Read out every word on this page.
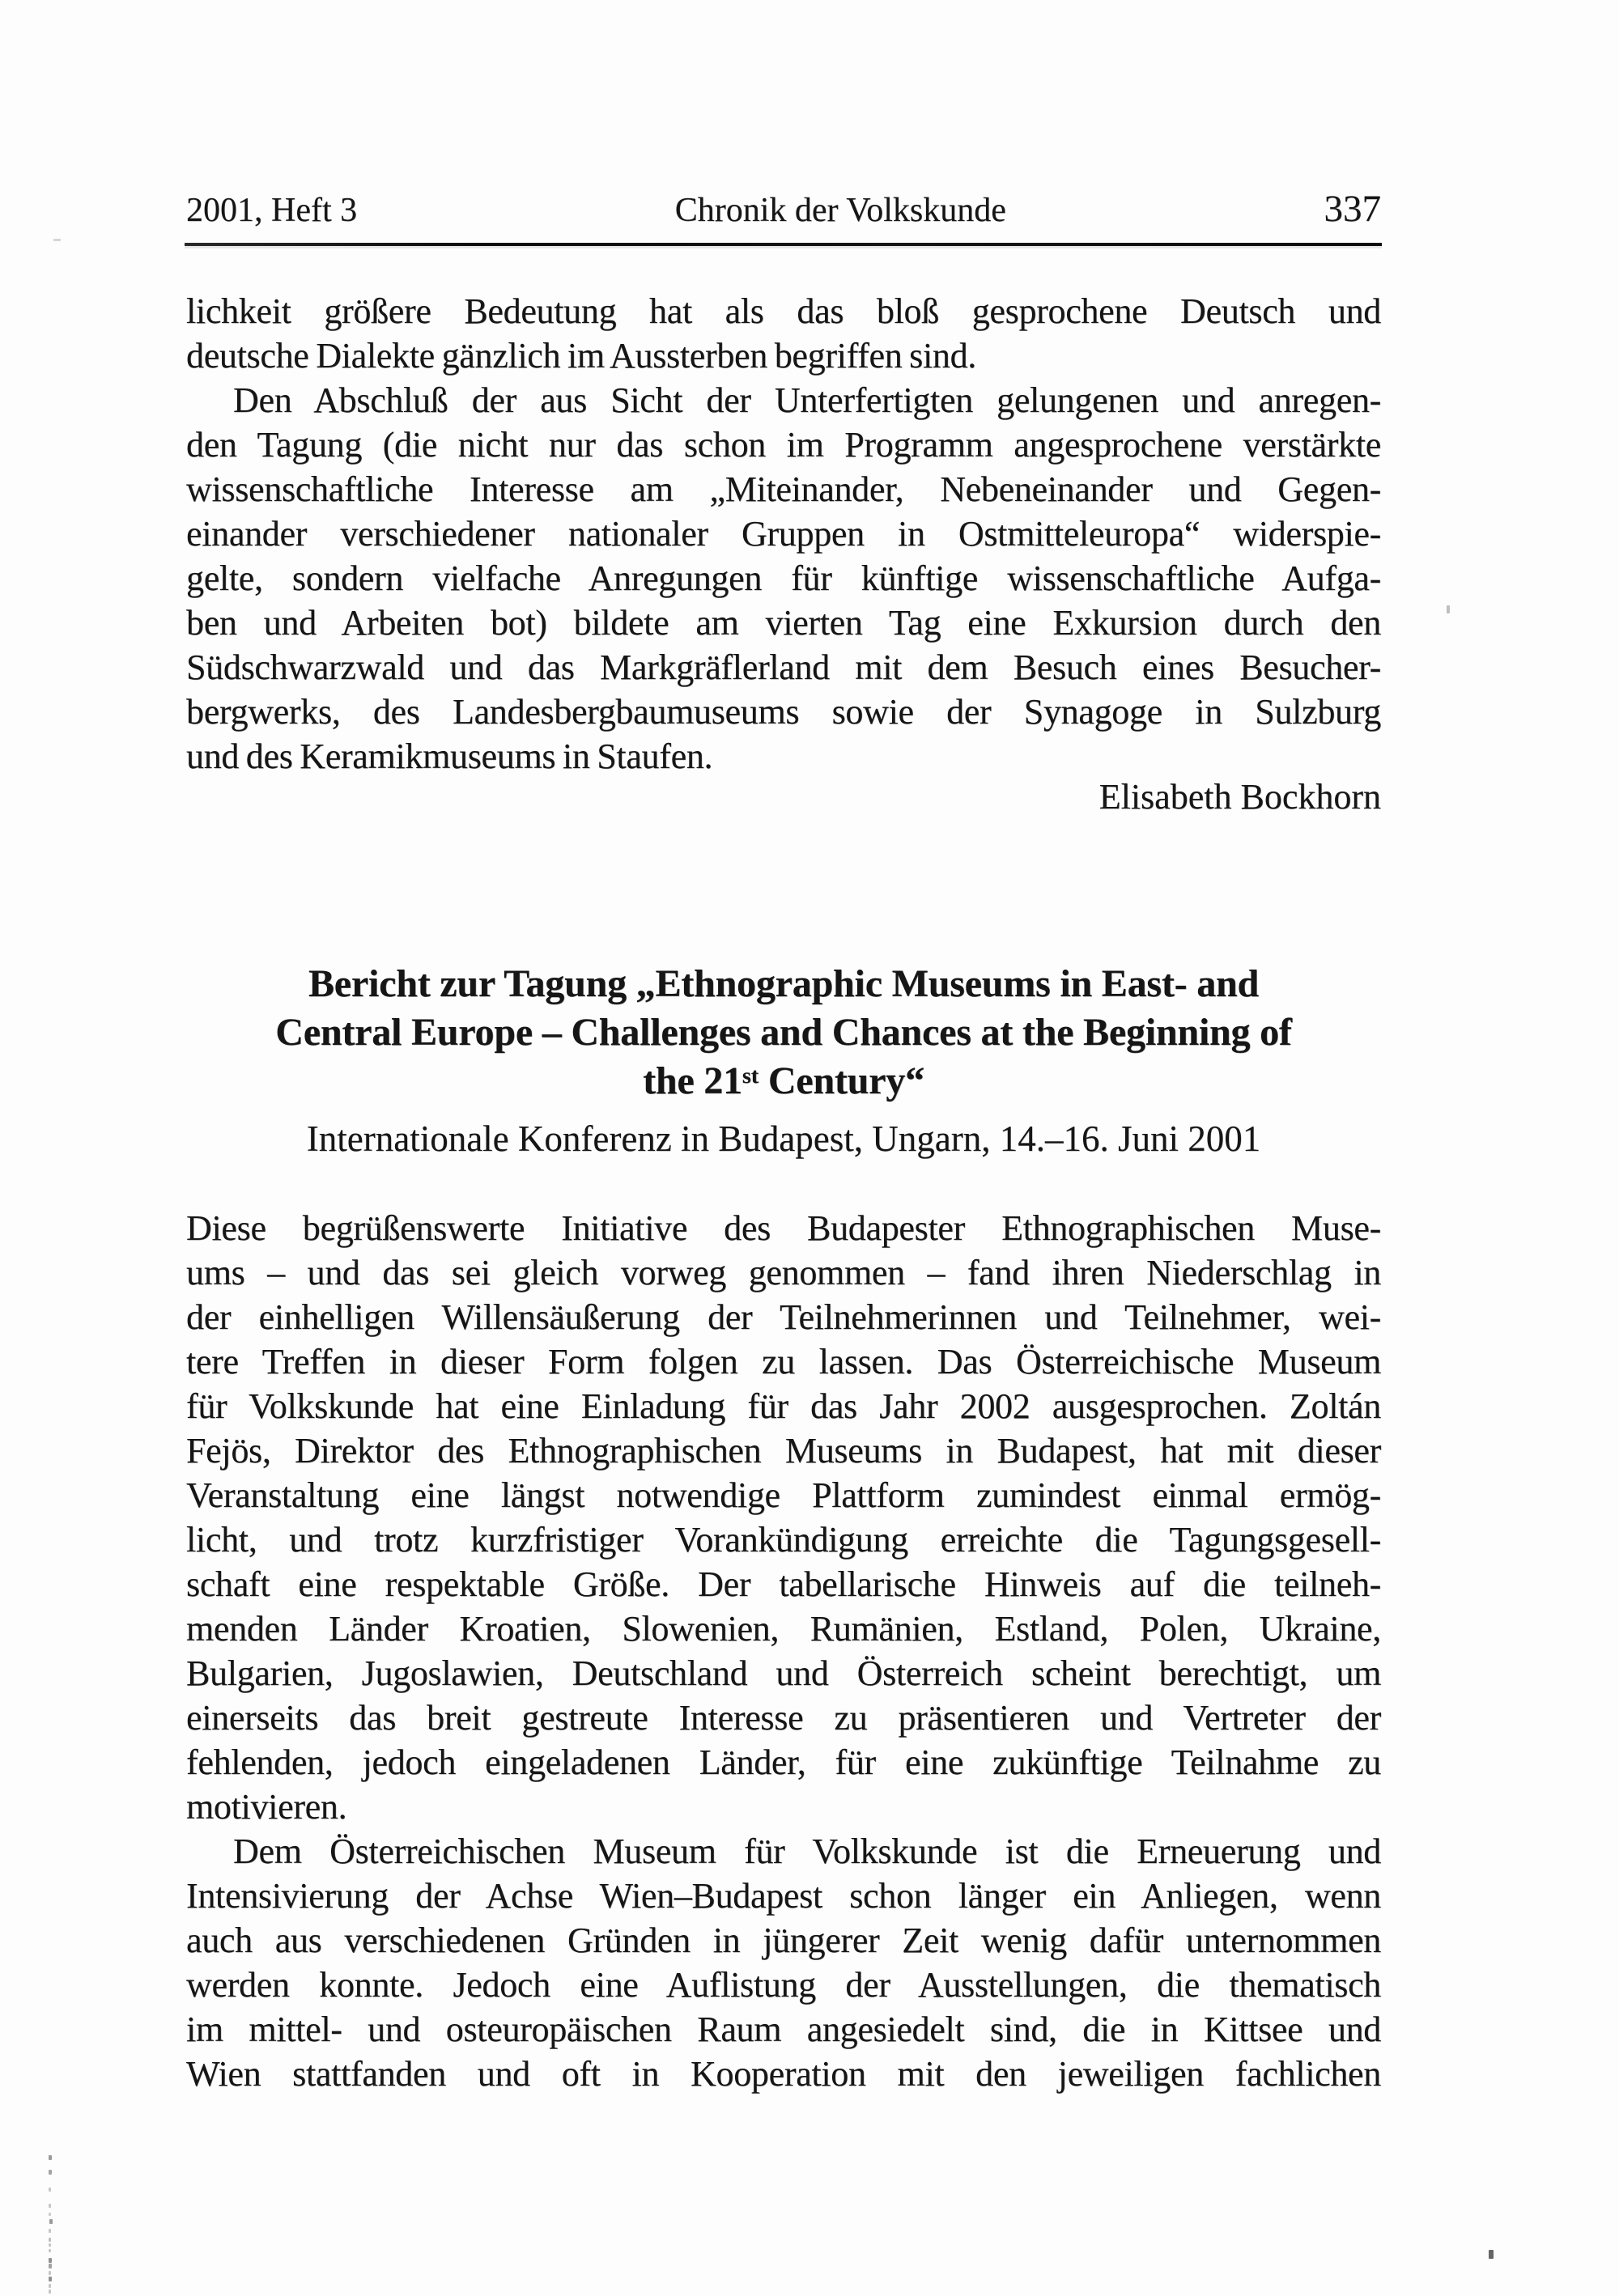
2001, Heft 3	Chronik der Volkskunde	337
lichkeit größere Bedeutung hat als das bloß gesprochene Deutsch und
deutsche Dialekte gänzlich im Aussterben begriffen sind.
Den Abschluß der aus Sicht der Unterfertigten gelungenen und anregen-
den Tagung (die nicht nur das schon im Programm angesprochene verstärkte
wissenschaftliche Interesse am „Miteinander, Nebeneinander und Gegen-
einander verschiedener nationaler Gruppen in Ostmitteleuropa“ widerspie-
gelte, sondern vielfache Anregungen für künftige wissenschaftliche Aufga-
ben und Arbeiten bot) bildete am vierten Tag eine Exkursion durch den
Südschwarzwald und das Markgräflerland mit dem Besuch eines Besucher-
bergwerks, des Landesbergbaumuseums sowie der Synagoge in Sulzburg
und des Keramikmuseums in Staufen.
Elisabeth Bockhorn
Bericht zur Tagung „Ethnographic Museums in East- and
Central Europe – Challenges and Chances at the Beginning of
the 21st Century“
Internationale Konferenz in Budapest, Ungarn, 14.–16. Juni 2001
Diese begrüßenswerte Initiative des Budapester Ethnographischen Muse-
ums – und das sei gleich vorweg genommen – fand ihren Niederschlag in
der einhelligen Willensäußerung der Teilnehmerinnen und Teilnehmer, wei-
tere Treffen in dieser Form folgen zu lassen. Das Österreichische Museum
für Volkskunde hat eine Einladung für das Jahr 2002 ausgesprochen. Zoltán
Fejös, Direktor des Ethnographischen Museums in Budapest, hat mit dieser
Veranstaltung eine längst notwendige Plattform zumindest einmal ermög-
licht, und trotz kurzfristiger Vorankündigung erreichte die Tagungsgesell-
schaft eine respektable Größe. Der tabellarische Hinweis auf die teilneh-
menden Länder Kroatien, Slowenien, Rumänien, Estland, Polen, Ukraine,
Bulgarien, Jugoslawien, Deutschland und Österreich scheint berechtigt, um
einerseits das breit gestreute Interesse zu präsentieren und Vertreter der
fehlenden, jedoch eingeladenen Länder, für eine zukünftige Teilnahme zu
motivieren.
Dem Österreichischen Museum für Volkskunde ist die Erneuerung und
Intensivierung der Achse Wien–Budapest schon länger ein Anliegen, wenn
auch aus verschiedenen Gründen in jüngerer Zeit wenig dafür unternommen
werden konnte. Jedoch eine Auflistung der Ausstellungen, die thematisch
im mittel- und osteuropäischen Raum angesiedelt sind, die in Kittsee und
Wien stattfanden und oft in Kooperation mit den jeweiligen fachlichen
